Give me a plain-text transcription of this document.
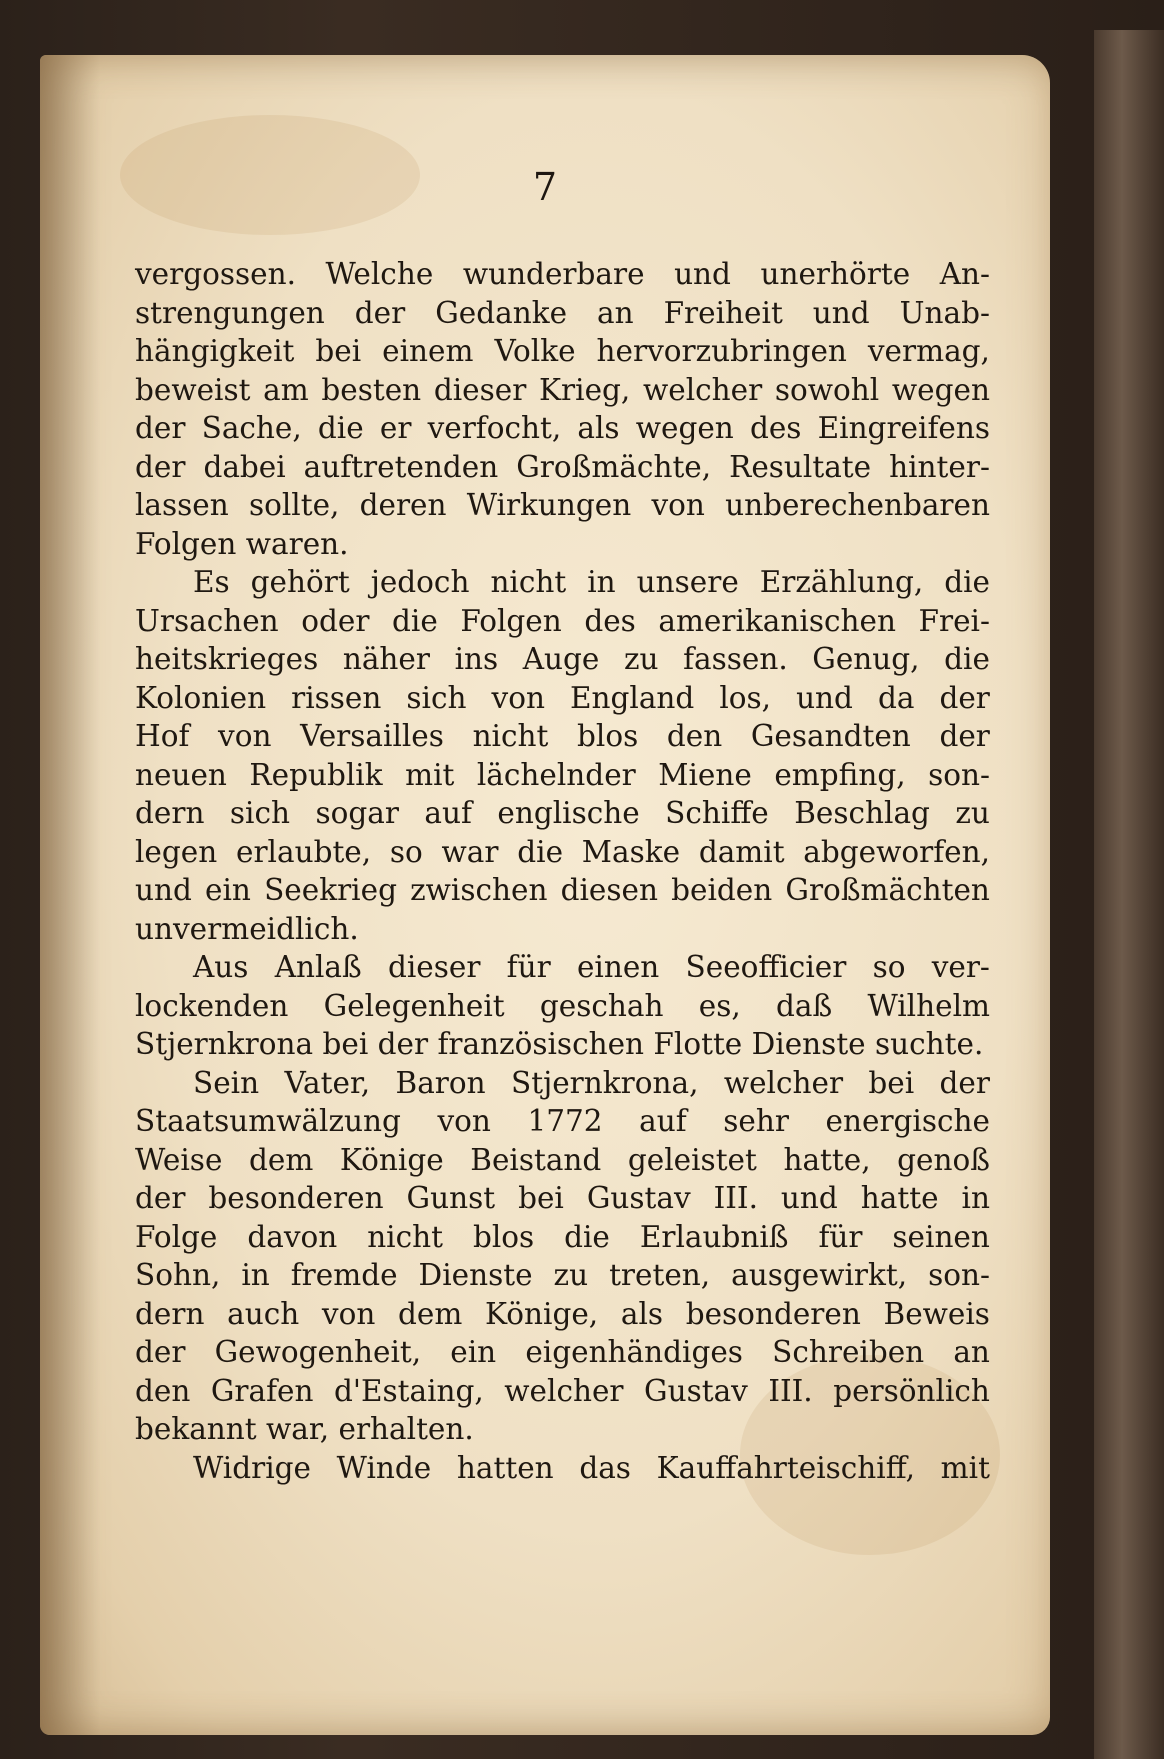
7
vergossen. Welche wunderbare und unerhörte An-
strengungen der Gedanke an Freiheit und Unab-
hängigkeit bei einem Volke hervorzubringen vermag,
beweist am besten dieser Krieg, welcher sowohl wegen
der Sache, die er verfocht, als wegen des Eingreifens
der dabei auftretenden Großmächte, Resultate hinter-
lassen sollte, deren Wirkungen von unberechenbaren
Folgen waren.
Es gehört jedoch nicht in unsere Erzählung, die
Ursachen oder die Folgen des amerikanischen Frei-
heitskrieges näher ins Auge zu fassen. Genug, die
Kolonien rissen sich von England los, und da der
Hof von Versailles nicht blos den Gesandten der
neuen Republik mit lächelnder Miene empfing, son-
dern sich sogar auf englische Schiffe Beschlag zu
legen erlaubte, so war die Maske damit abgeworfen,
und ein Seekrieg zwischen diesen beiden Großmächten
unvermeidlich.
Aus Anlaß dieser für einen Seeofficier so ver-
lockenden Gelegenheit geschah es, daß Wilhelm
Stjernkrona bei der französischen Flotte Dienste suchte.
Sein Vater, Baron Stjernkrona, welcher bei der
Staatsumwälzung von 1772 auf sehr energische
Weise dem Könige Beistand geleistet hatte, genoß
der besonderen Gunst bei Gustav III. und hatte in
Folge davon nicht blos die Erlaubniß für seinen
Sohn, in fremde Dienste zu treten, ausgewirkt, son-
dern auch von dem Könige, als besonderen Beweis
der Gewogenheit, ein eigenhändiges Schreiben an
den Grafen d'Estaing, welcher Gustav III. persönlich
bekannt war, erhalten.
Widrige Winde hatten das Kauffahrteischiff, mit
